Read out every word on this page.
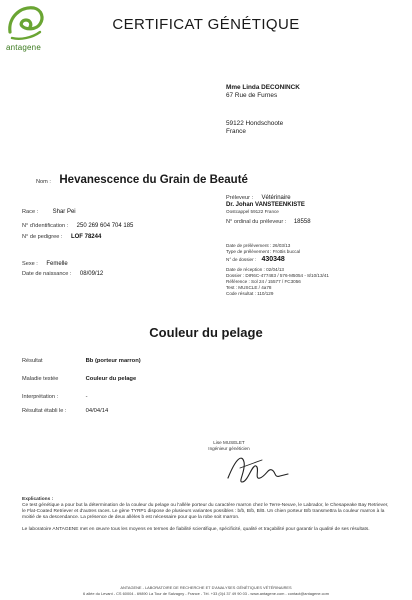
antagene
CERTIFICAT GÉNÉTIQUE
Mme Linda DECONINCK
67 Rue de Furnes
59122 Hondschoote
France
Nom : Hevanescence du Grain de Beauté
Race : Shar Pei
N° d'identification : 250 269 604 704 185
N° de pedigree : LOF 78244
Sexe : Femelle
Date de naissance : 08/09/12
Préleveur : Vétérinaire
Dr. Johan VANSTEENKISTE
Oostcappel 59122 France
N° ordinal du préleveur : 18558
Date de prélèvement : 26/03/13
Type de prélèvement : Frottis buccal
N° de dossier : 430348
Date de réception : 02/04/13
Dossier : DIR6C-477483 / 576-M5054 - 8/10/13/41
Référence : Sol 24 / 15577 / FC3056
Test : MUSCLE / 4a78
Code résultat : 110/129
Couleur du pelage
Résultat	Bb (porteur marron)
Maladie testée	Couleur du pelage
Interprétation :	-
Résultat établi le :	04/04/14
Lise MUSELET
Ingénieur généticien
Explications :
Ce test génétique a pour but la détermination de la couleur du pelage ou l'allèle porteur du caractère marron chez le Terre-Neuve, le Labrador, le Chesapeake Bay Retriever, le Flat-Coated Retriever et d'autres races. Le gène TYRP1 dispose de plusieurs variantes possibles : b/b, B/b, B/B. Un chien porteur B/b transmettra la couleur marron à la moitié de sa descendance. La présence de deux allèles b est nécessaire pour que la robe soit marron.
Le laboratoire ANTAGENE met en œuvre tous les moyens en termes de fiabilité scientifique, spécificité, qualité et traçabilité pour garantir la qualité de ses résultats.
ANTAGENE - LABORATOIRE DE RECHERCHE ET D'ANALYSES GÉNÉTIQUES VÉTÉRINAIRES
6 allée du Levant - CS 60004 - 69890 La Tour de Salvagny - France - Tél. +33 (0)4 37 49 90 03 - www.antagene.com - contact@antagene.com
